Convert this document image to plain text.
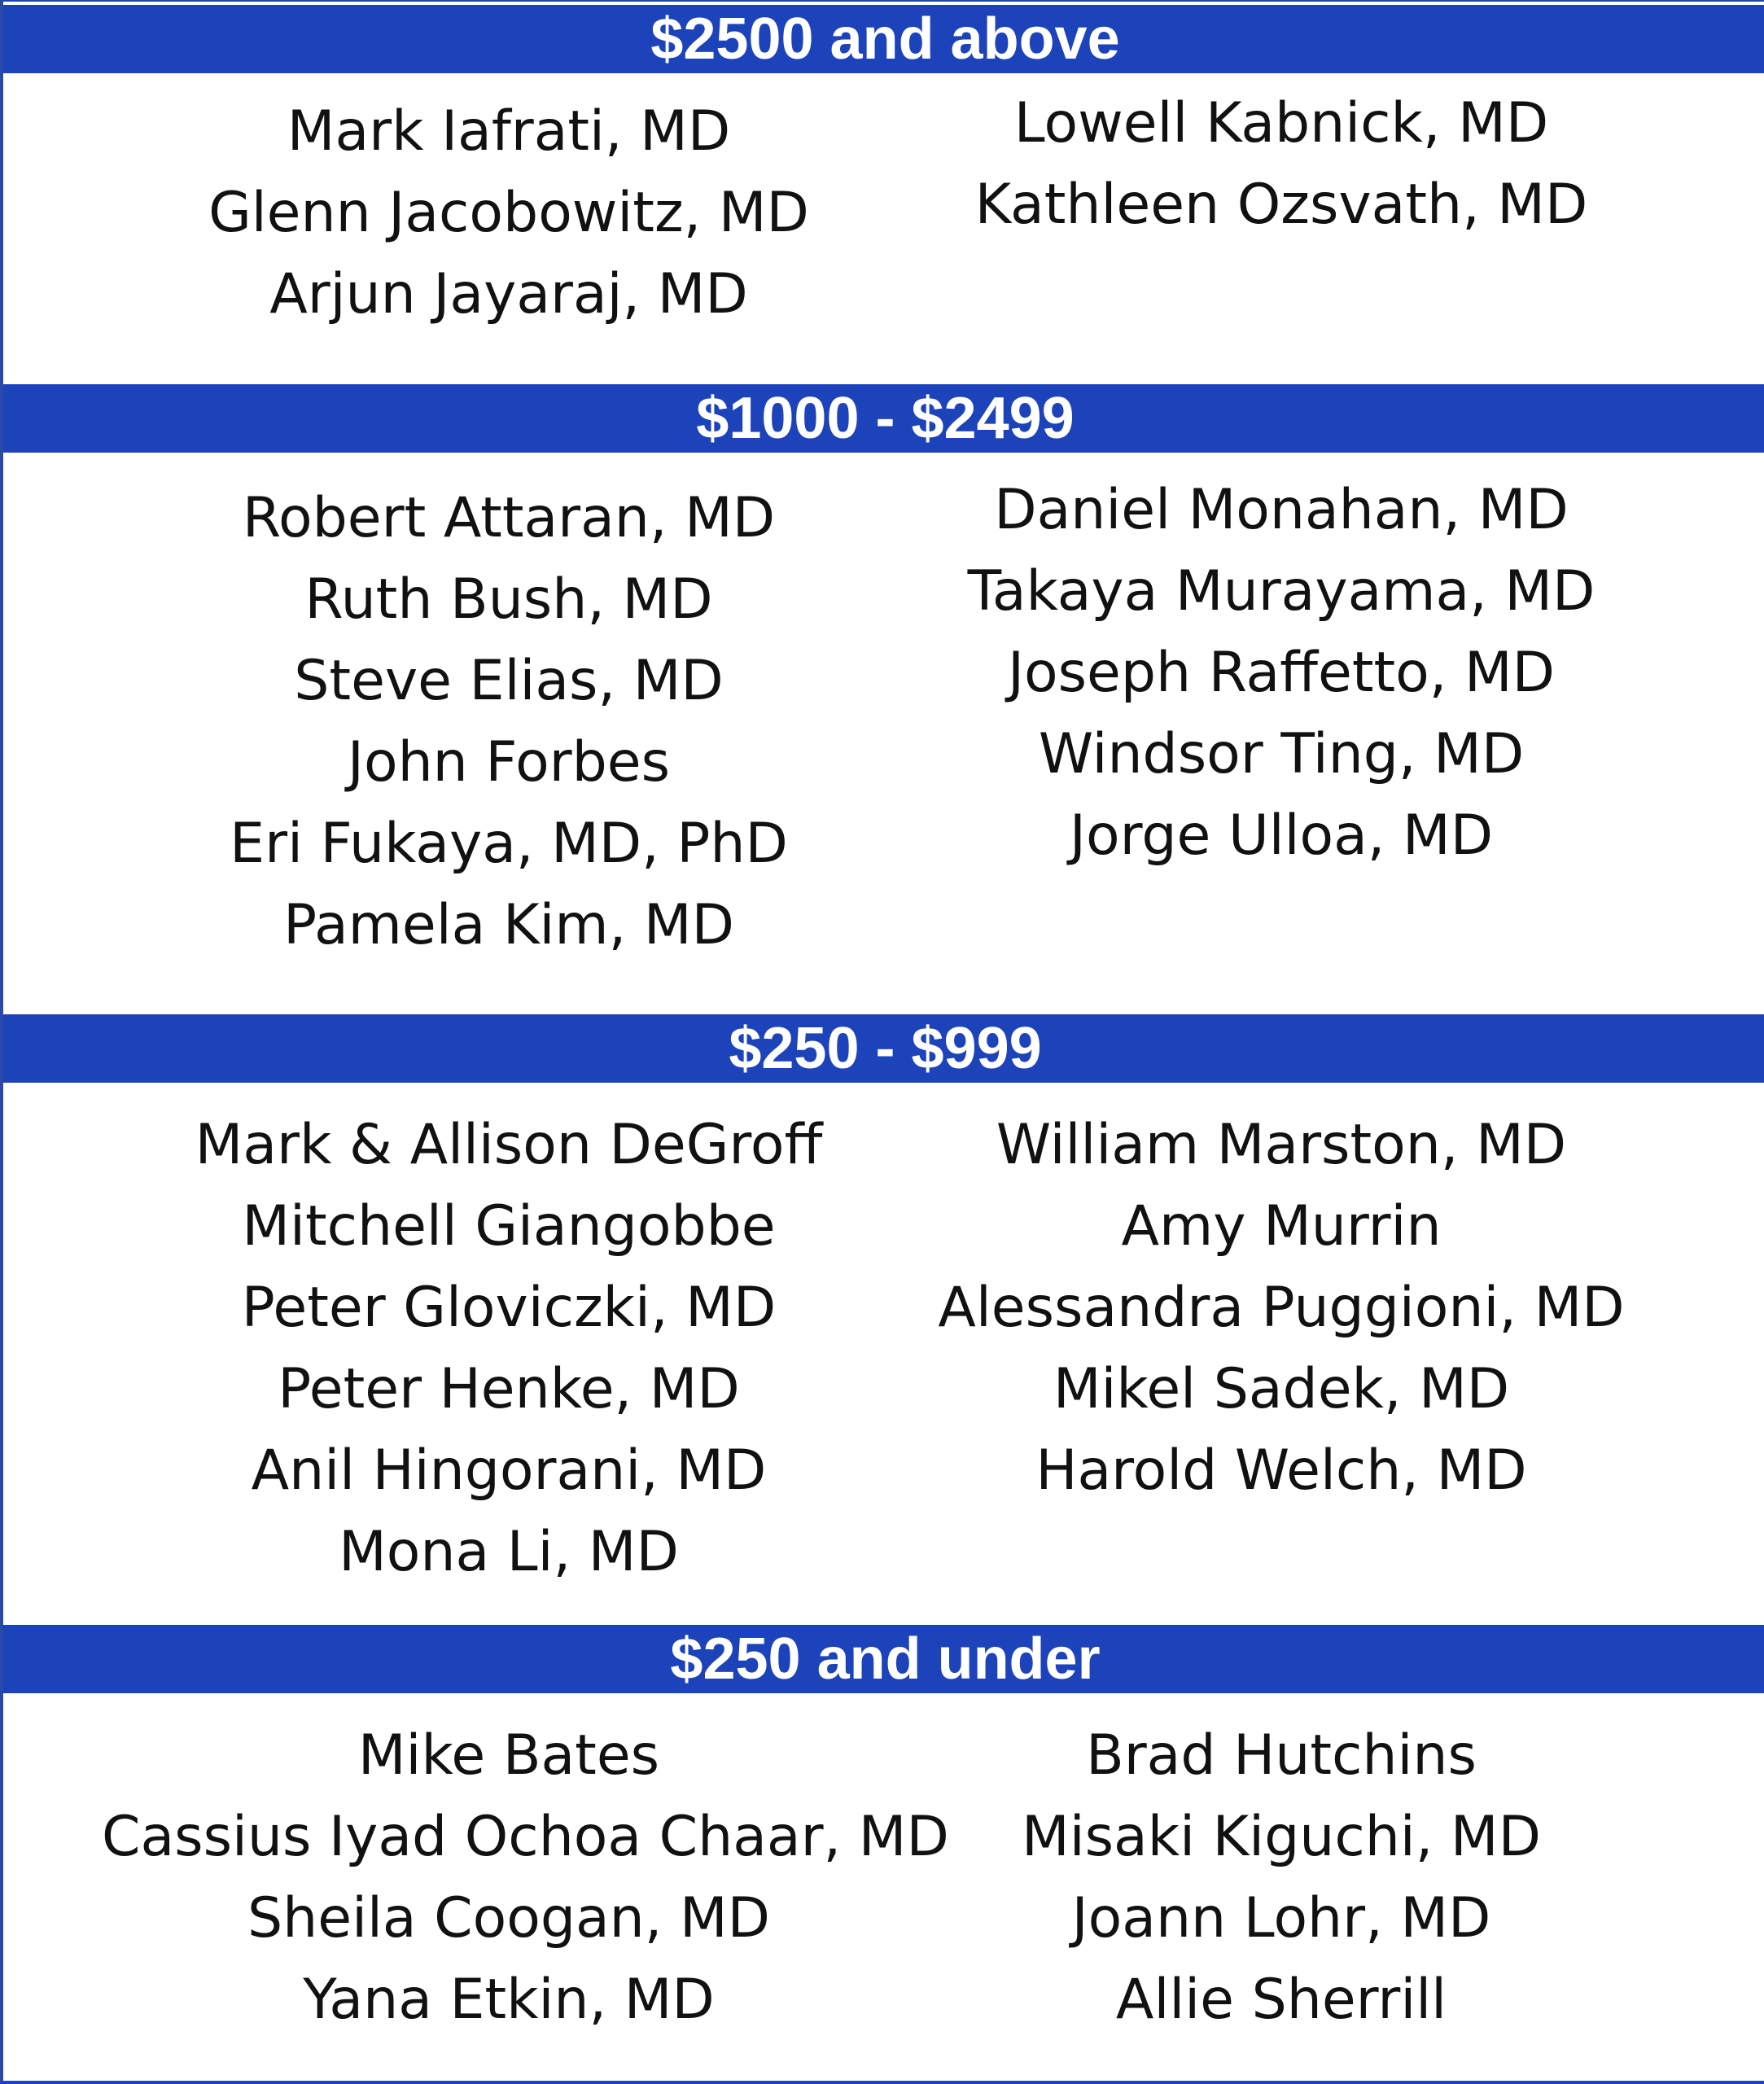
$2500 and above
Mark Iafrati, MD
Glenn Jacobowitz, MD
Arjun Jayaraj, MD
Lowell Kabnick, MD
Kathleen Ozsvath, MD
$1000 - $2499
Robert Attaran, MD
Ruth Bush, MD
Steve Elias, MD
John Forbes
Eri Fukaya, MD, PhD
Pamela Kim, MD
Daniel Monahan, MD
Takaya Murayama, MD
Joseph Raffetto, MD
Windsor Ting, MD
Jorge Ulloa, MD
$250 - $999
Mark & Allison DeGroff
Mitchell Giangobbe
Peter Gloviczki, MD
Peter Henke, MD
Anil Hingorani, MD
Mona Li, MD
William Marston, MD
Amy Murrin
Alessandra Puggioni, MD
Mikel Sadek, MD
Harold Welch, MD
$250 and under
Mike Bates
Cassius Iyad Ochoa Chaar, MD
Sheila Coogan, MD
Yana Etkin, MD
Brad Hutchins
Misaki Kiguchi, MD
Joann Lohr, MD
Allie Sherrill
